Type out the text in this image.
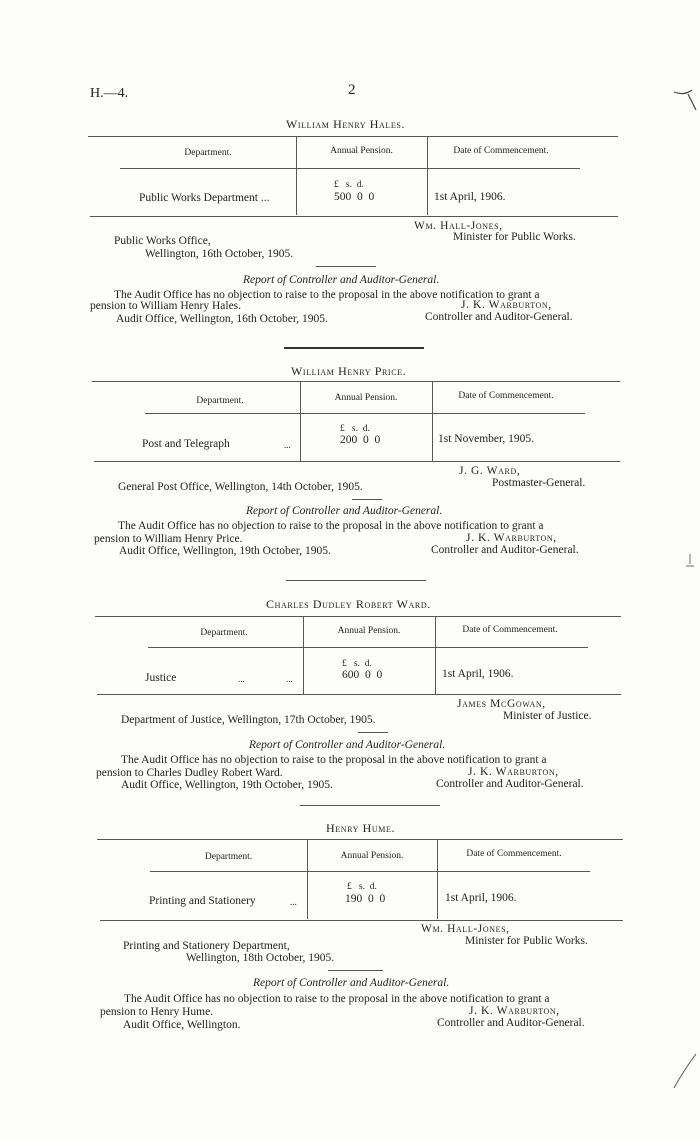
H.—4.	2
William Henry Hales.
Department.	Annual Pension.	Date of Commencement.
£ s. d.
Public Works Department ...	500 0 0	1st April, 1906.
Wm. Hall-Jones,
Minister for Public Works.
Public Works Office,
Wellington, 16th October, 1905.
Report of Controller and Auditor-General.
The Audit Office has no objection to raise to the proposal in the above notification to grant a
pension to William Henry Hales.	J. K. Warburton,
Audit Office, Wellington, 16th October, 1905.	Controller and Auditor-General.
William Henry Price.
Department.	Annual Pension.	Date of Commencement.
£ s. d.
Post and Telegraph	...	200 0 0	1st November, 1905.
J. G. Ward,
Postmaster-General.
General Post Office, Wellington, 14th October, 1905.
Report of Controller and Auditor-General.
The Audit Office has no objection to raise to the proposal in the above notification to grant a
pension to William Henry Price.	J. K. Warburton,
Audit Office, Wellington, 19th October, 1905.	Controller and Auditor-General.
Charles Dudley Robert Ward.
Department.	Annual Pension.	Date of Commencement.
£ s. d.
Justice	...	...	600 0 0	1st April, 1906.
James McGowan,
Minister of Justice.
Department of Justice, Wellington, 17th October, 1905.
Report of Controller and Auditor-General.
The Audit Office has no objection to raise to the proposal in the above notification to grant a
pension to Charles Dudley Robert Ward.	J. K. Warburton,
Audit Office, Wellington, 19th October, 1905.	Controller and Auditor-General.
Henry Hume.
Department.	Annual Pension.	Date of Commencement.
£ s. d.
Printing and Stationery	...	190 0 0	1st April, 1906.
Wm. Hall-Jones,
Minister for Public Works.
Printing and Stationery Department,
Wellington, 18th October, 1905.
Report of Controller and Auditor-General.
The Audit Office has no objection to raise to the proposal in the above notification to grant a
pension to Henry Hume.	J. K. Warburton,
Audit Office, Wellington.	Controller and Auditor-General.
